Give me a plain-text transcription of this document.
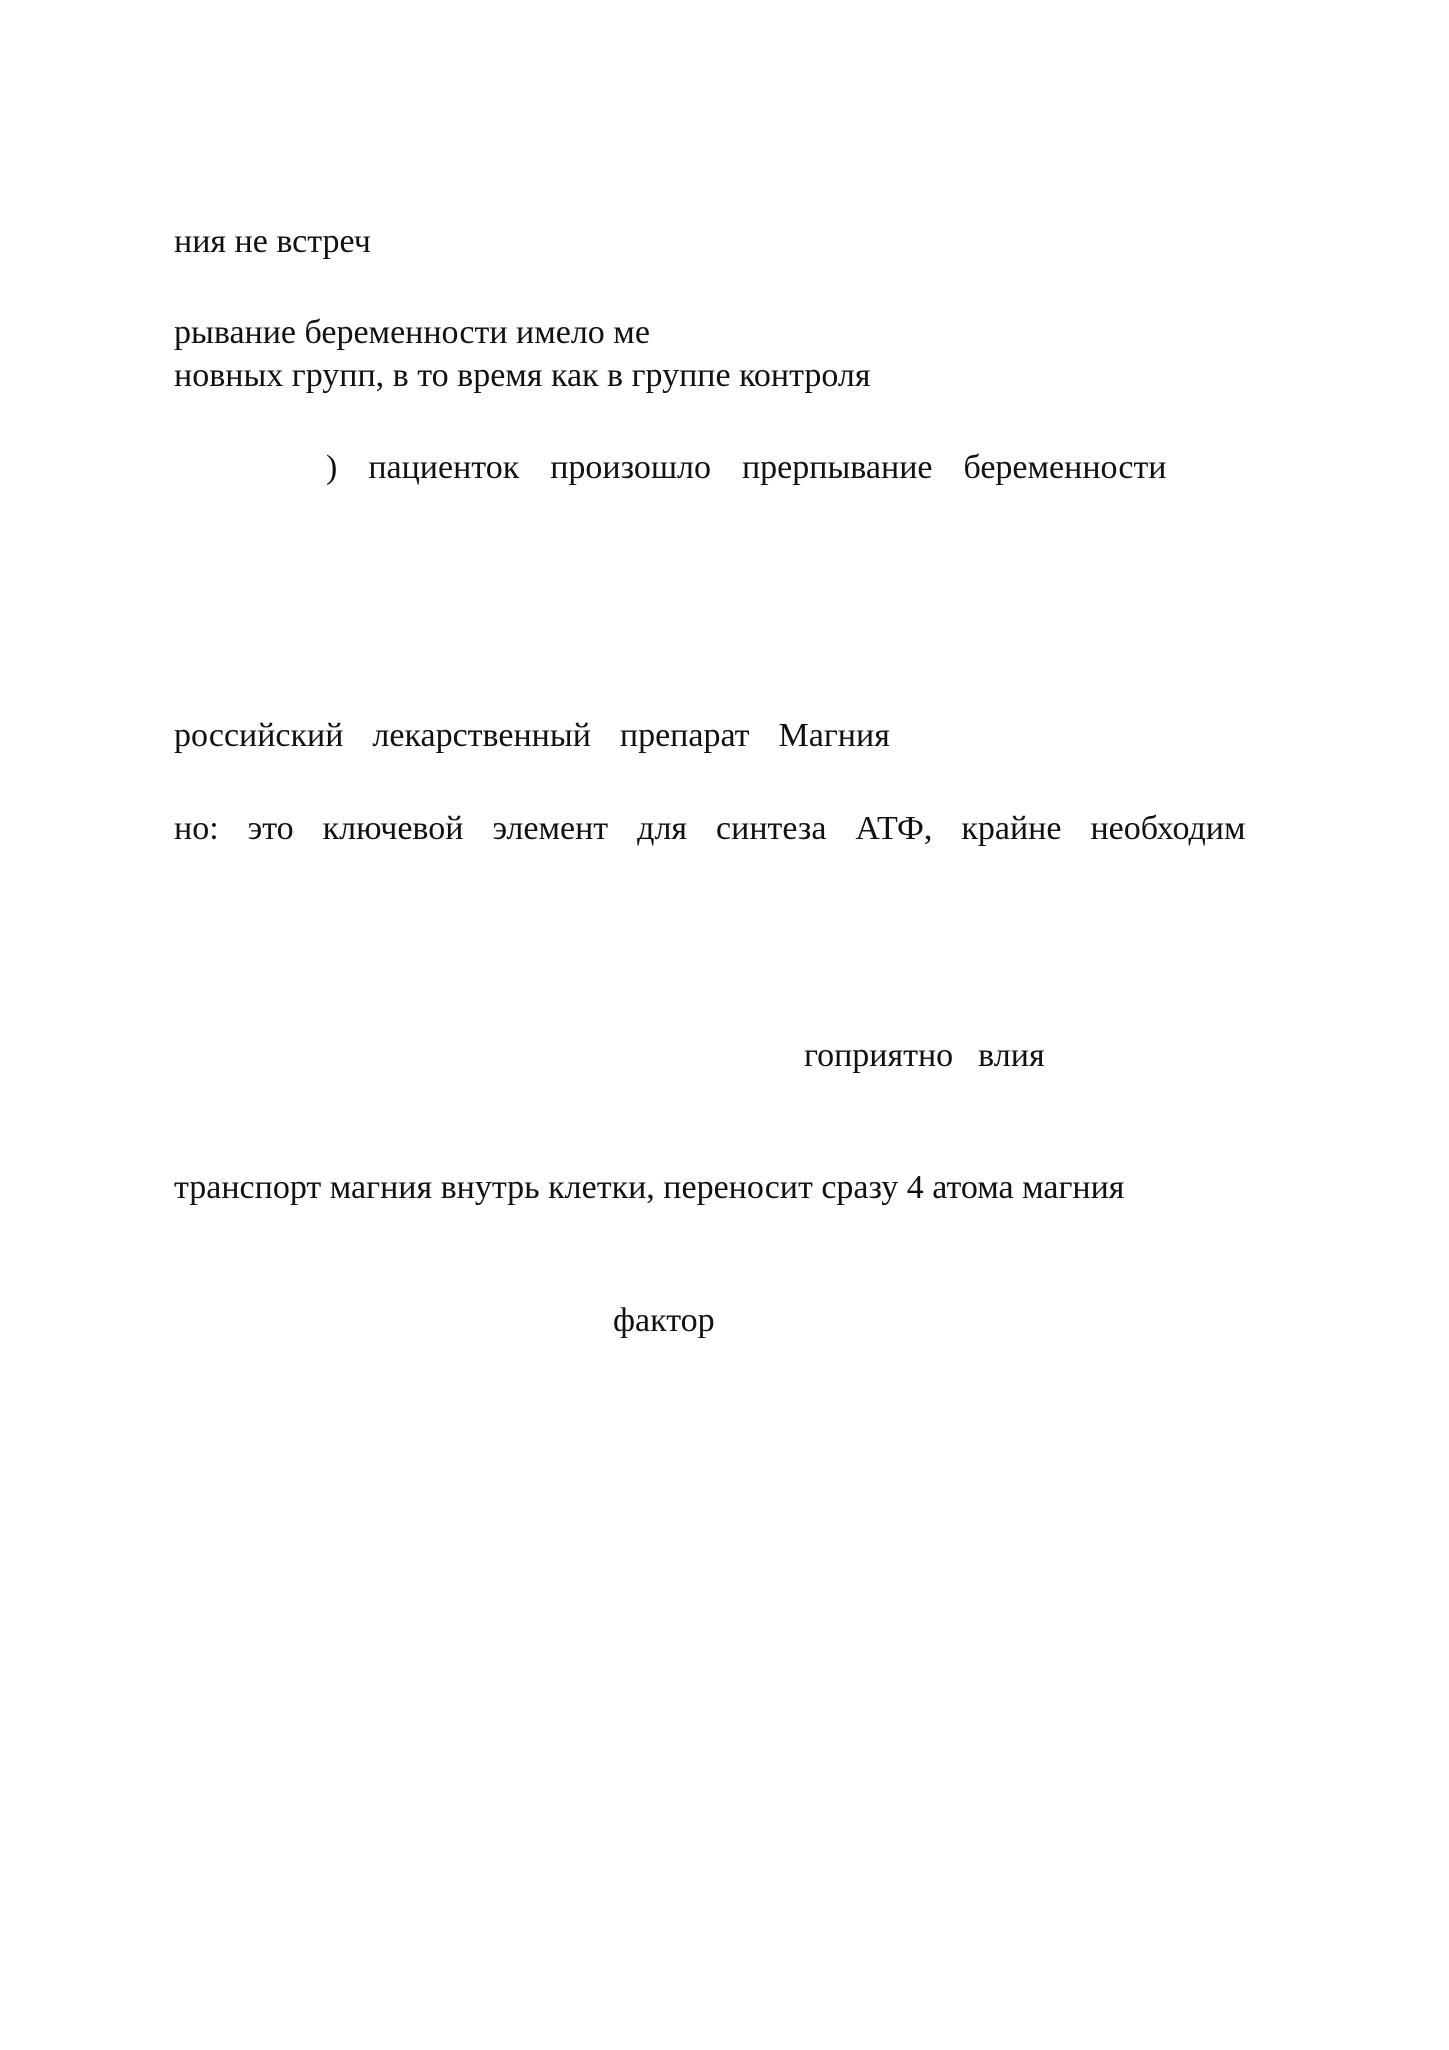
ния не встреч

рывание беременности имело ме

новных групп, в то время как в группе контроля

)  пациенток  произошло  прерпывание  беременности

российский  лекарственный  препарат  Магния

но:  это  ключевой  элемент  для  синтеза  АТФ,  крайне  необходим

гоприятно  влия

транспорт магния внутрь клетки, переносит сразу 4 атома магния

фактор
